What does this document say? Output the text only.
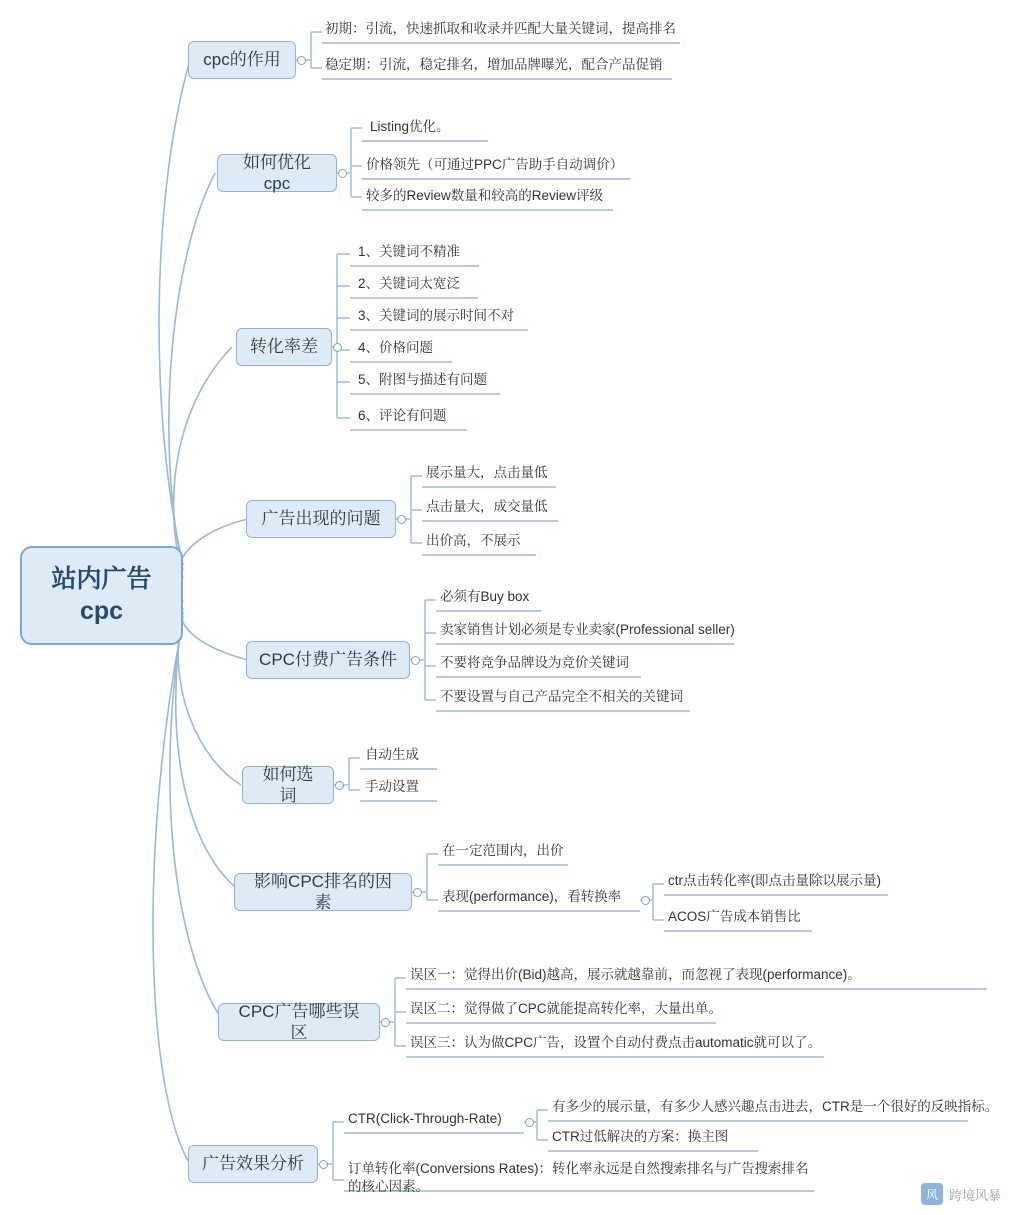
站内广告
cpc
cpc的作用
初期：引流，快速抓取和收录并匹配大量关键词，提高排名
稳定期：引流，稳定排名，增加品牌曝光，配合产品促销
如何优化cpc
Listing优化。
价格领先（可通过PPC广告助手自动调价）
较多的Review数量和较高的Review评级
转化率差
1、关键词不精准
2、关键词太宽泛
3、关键词的展示时间不对
4、价格问题
5、附图与描述有问题
6、评论有问题
广告出现的问题
展示量大，点击量低
点击量大，成交量低
出价高，不展示
CPC付费广告条件
必须有Buy box
卖家销售计划必须是专业卖家(Professional seller)
不要将竞争品牌设为竞价关键词
不要设置与自己产品完全不相关的关键词
如何选词
自动生成
手动设置
影响CPC排名的因素
在一定范围内，出价
表现(performance)，看转换率
ctr点击转化率(即点击量除以展示量)
ACOS广告成本销售比
CPC广告哪些误区
误区一：觉得出价(Bid)越高，展示就越靠前，而忽视了表现(performance)。
误区二：觉得做了CPC就能提高转化率，大量出单。
误区三：认为做CPC广告，设置个自动付费点击automatic就可以了。
广告效果分析
CTR(Click-Through-Rate)
订单转化率(Conversions Rates)：转化率永远是自然搜索排名与广告搜索排名的核心因素。
有多少的展示量，有多少人感兴趣点击进去，CTR是一个很好的反映指标。
CTR过低解决的方案：换主图
风 跨境风暴
